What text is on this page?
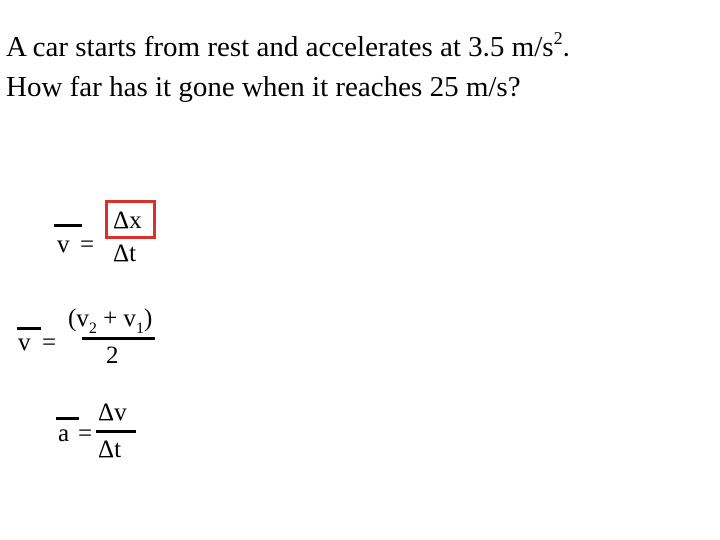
A car starts from rest and accelerates at 3.5 $m/s^2$.
How far has it gone when it reaches 25 m/s?
v =
Δx
Δt
v =
$(v_2 + v_1)$
2
a =
Δv
Δt
